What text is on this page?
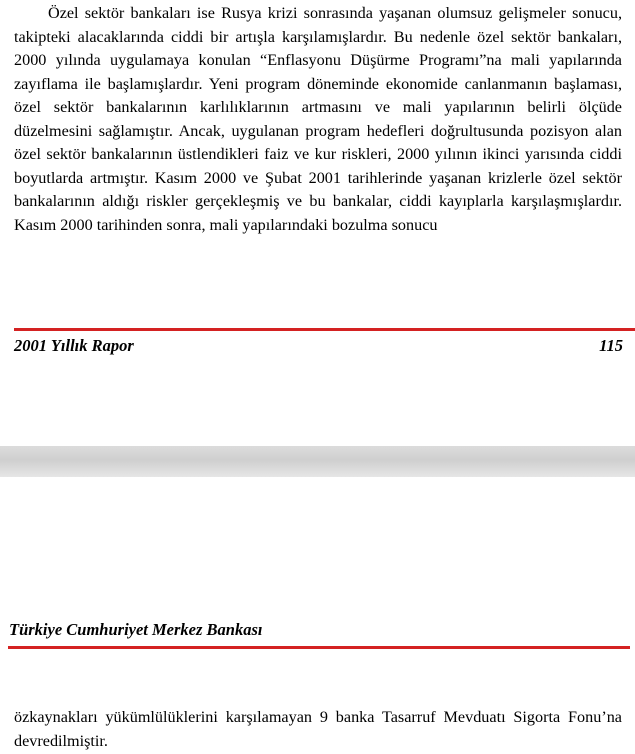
Özel sektör bankaları ise Rusya krizi sonrasında yaşanan olumsuz gelişmeler sonucu, takipteki alacaklarında ciddi bir artışla karşılamışlardır. Bu nedenle özel sektör bankaları, 2000 yılında uygulamaya konulan “Enflasyonu Düşürme Programı”na mali yapılarında zayıflama ile başlamışlardır. Yeni program döneminde ekonomide canlanmanın başlaması, özel sektör bankalarının karlılıklarının artmasını ve mali yapılarının belirli ölçüde düzelmesini sağlamıştır. Ancak, uygulanan program hedefleri doğrultusunda pozisyon alan özel sektör bankalarının üstlendikleri faiz ve kur riskleri, 2000 yılının ikinci yarısında ciddi boyutlarda artmıştır. Kasım 2000 ve Şubat 2001 tarihlerinde yaşanan krizlerle özel sektör bankalarının aldığı riskler gerçekleşmiş ve bu bankalar, ciddi kayıplarla karşılaşmışlardır. Kasım 2000 tarihinden sonra, mali yapılarındaki bozulma sonucu

2001 Yıllık Rapor	115
Türkiye Cumhuriyet Merkez Bankası

özkaynakları yükümlülüklerini karşılamayan 9 banka Tasarruf Mevduatı Sigorta Fonu’na devredilmiştir.
